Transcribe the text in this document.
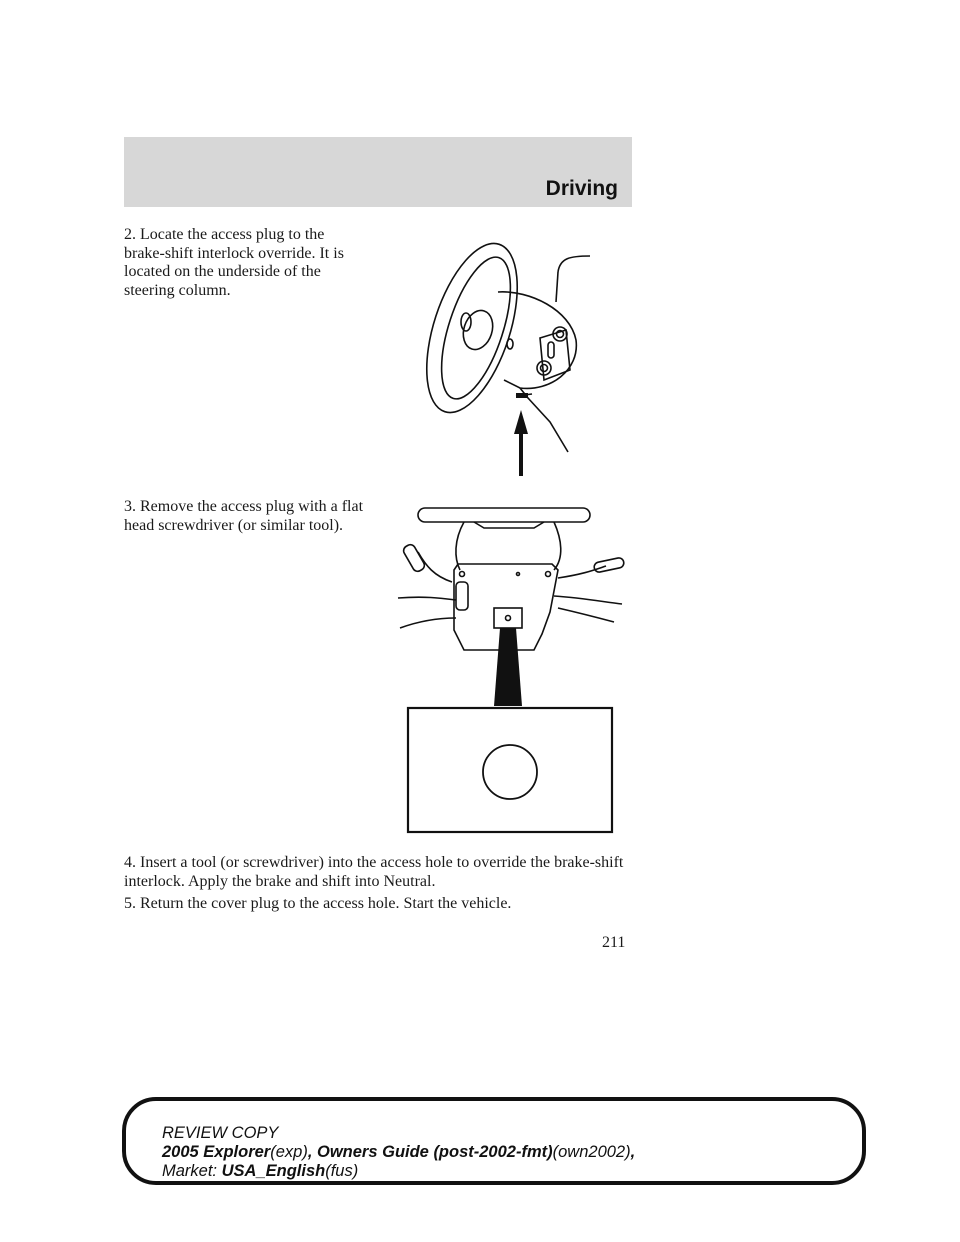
Driving

2. Locate the access plug to the brake-shift interlock override. It is located on the underside of the steering column.

3. Remove the access plug with a flat head screwdriver (or similar tool).

4. Insert a tool (or screwdriver) into the access hole to override the brake-shift interlock. Apply the brake and shift into Neutral.

5. Return the cover plug to the access hole. Start the vehicle.

211
REVIEW COPY
2005 Explorer(exp), Owners Guide (post-2002-fmt)(own2002),
Market: USA_English(fus)
